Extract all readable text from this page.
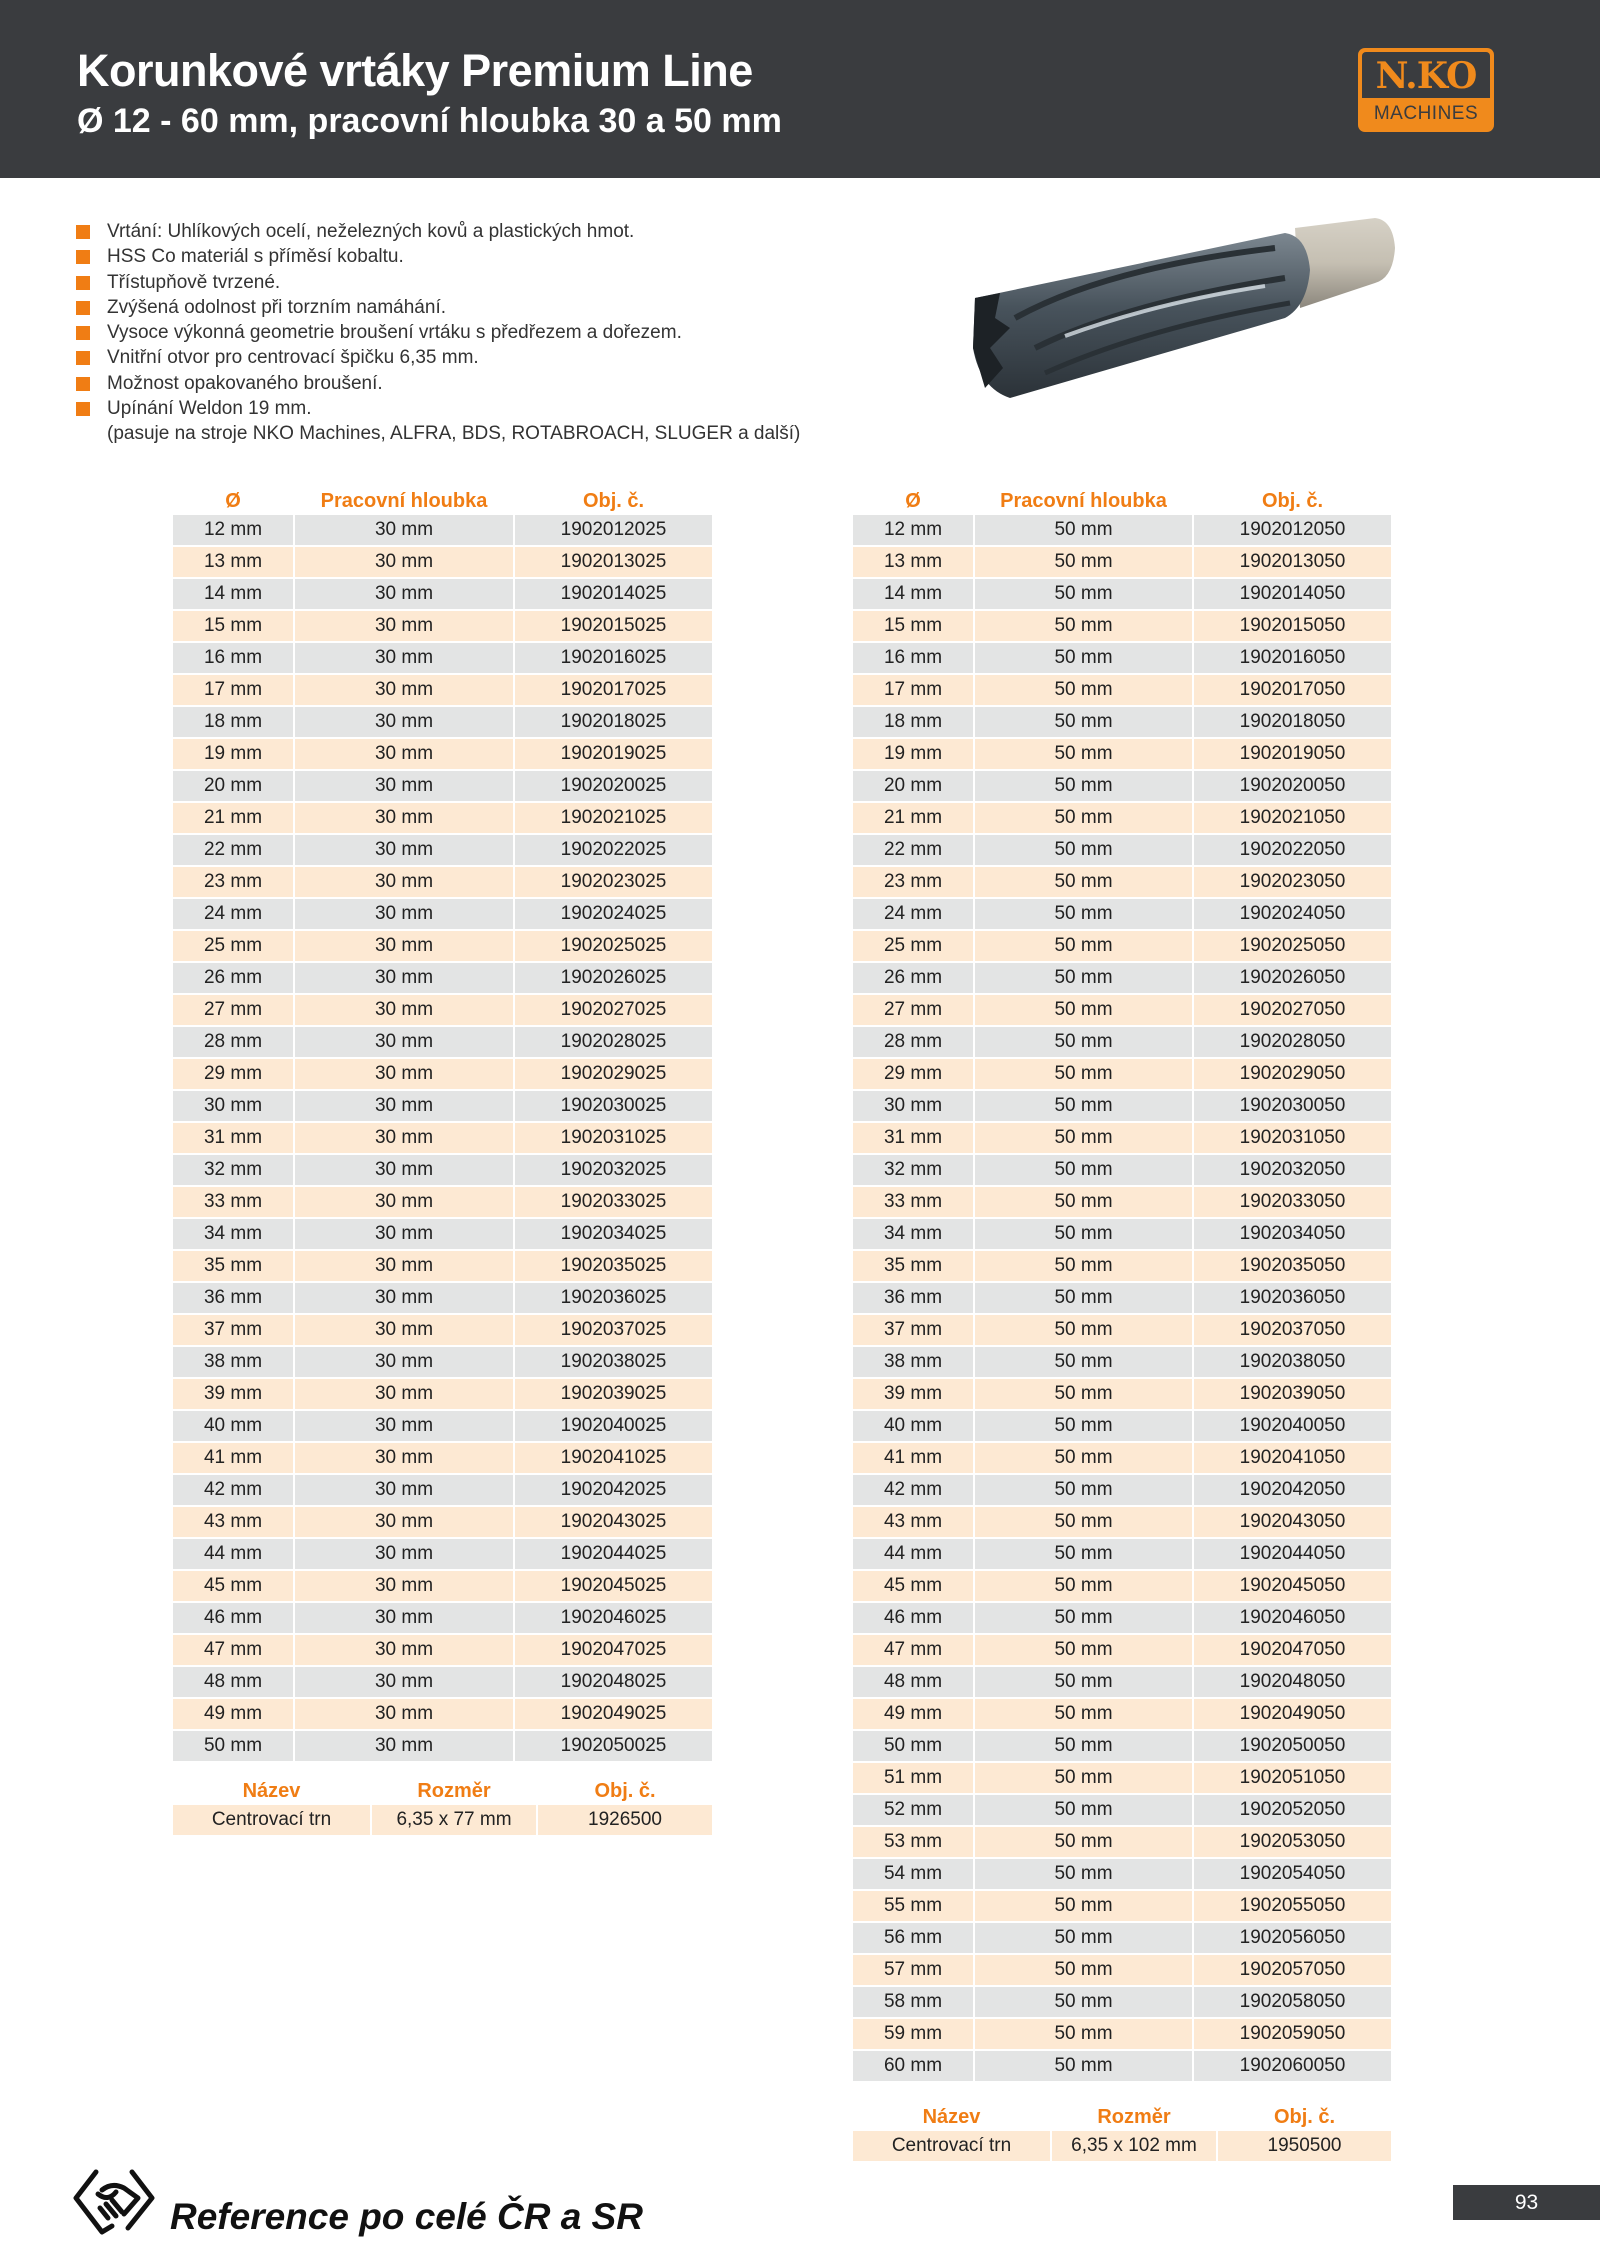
Korunkové vrtáky Premium Line
Ø 12 - 60 mm, pracovní hloubka 30 a 50 mm
N.KO
MACHINES
Vrtání: Uhlíkových ocelí, neželezných kovů a plastických hmot.
HSS Co materiál s příměsí kobaltu.
Třístupňově tvrzené.
Zvýšená odolnost při torzním namáhání.
Vysoce výkonná geometrie broušení vrtáku s předřezem a dořezem.
Vnitřní otvor pro centrovací špičku 6,35 mm.
Možnost opakovaného broušení.
Upínání Weldon 19 mm.
(pasuje na stroje NKO Machines, ALFRA, BDS, ROTABROACH, SLUGER a další)
Ø	Pracovní hloubka	Obj. č.
12 mm	30 mm	1902012025
13 mm	30 mm	1902013025
14 mm	30 mm	1902014025
15 mm	30 mm	1902015025
16 mm	30 mm	1902016025
17 mm	30 mm	1902017025
18 mm	30 mm	1902018025
19 mm	30 mm	1902019025
20 mm	30 mm	1902020025
21 mm	30 mm	1902021025
22 mm	30 mm	1902022025
23 mm	30 mm	1902023025
24 mm	30 mm	1902024025
25 mm	30 mm	1902025025
26 mm	30 mm	1902026025
27 mm	30 mm	1902027025
28 mm	30 mm	1902028025
29 mm	30 mm	1902029025
30 mm	30 mm	1902030025
31 mm	30 mm	1902031025
32 mm	30 mm	1902032025
33 mm	30 mm	1902033025
34 mm	30 mm	1902034025
35 mm	30 mm	1902035025
36 mm	30 mm	1902036025
37 mm	30 mm	1902037025
38 mm	30 mm	1902038025
39 mm	30 mm	1902039025
40 mm	30 mm	1902040025
41 mm	30 mm	1902041025
42 mm	30 mm	1902042025
43 mm	30 mm	1902043025
44 mm	30 mm	1902044025
45 mm	30 mm	1902045025
46 mm	30 mm	1902046025
47 mm	30 mm	1902047025
48 mm	30 mm	1902048025
49 mm	30 mm	1902049025
50 mm	30 mm	1902050025
Ø	Pracovní hloubka	Obj. č.
12 mm	50 mm	1902012050
13 mm	50 mm	1902013050
14 mm	50 mm	1902014050
15 mm	50 mm	1902015050
16 mm	50 mm	1902016050
17 mm	50 mm	1902017050
18 mm	50 mm	1902018050
19 mm	50 mm	1902019050
20 mm	50 mm	1902020050
21 mm	50 mm	1902021050
22 mm	50 mm	1902022050
23 mm	50 mm	1902023050
24 mm	50 mm	1902024050
25 mm	50 mm	1902025050
26 mm	50 mm	1902026050
27 mm	50 mm	1902027050
28 mm	50 mm	1902028050
29 mm	50 mm	1902029050
30 mm	50 mm	1902030050
31 mm	50 mm	1902031050
32 mm	50 mm	1902032050
33 mm	50 mm	1902033050
34 mm	50 mm	1902034050
35 mm	50 mm	1902035050
36 mm	50 mm	1902036050
37 mm	50 mm	1902037050
38 mm	50 mm	1902038050
39 mm	50 mm	1902039050
40 mm	50 mm	1902040050
41 mm	50 mm	1902041050
42 mm	50 mm	1902042050
43 mm	50 mm	1902043050
44 mm	50 mm	1902044050
45 mm	50 mm	1902045050
46 mm	50 mm	1902046050
47 mm	50 mm	1902047050
48 mm	50 mm	1902048050
49 mm	50 mm	1902049050
50 mm	50 mm	1902050050
51 mm	50 mm	1902051050
52 mm	50 mm	1902052050
53 mm	50 mm	1902053050
54 mm	50 mm	1902054050
55 mm	50 mm	1902055050
56 mm	50 mm	1902056050
57 mm	50 mm	1902057050
58 mm	50 mm	1902058050
59 mm	50 mm	1902059050
60 mm	50 mm	1902060050
Název	Rozměr	Obj. č.
Centrovací trn	6,35 x 77 mm	1926500
Název	Rozměr	Obj. č.
Centrovací trn	6,35 x 102 mm	1950500
Reference po celé ČR a SR	93
